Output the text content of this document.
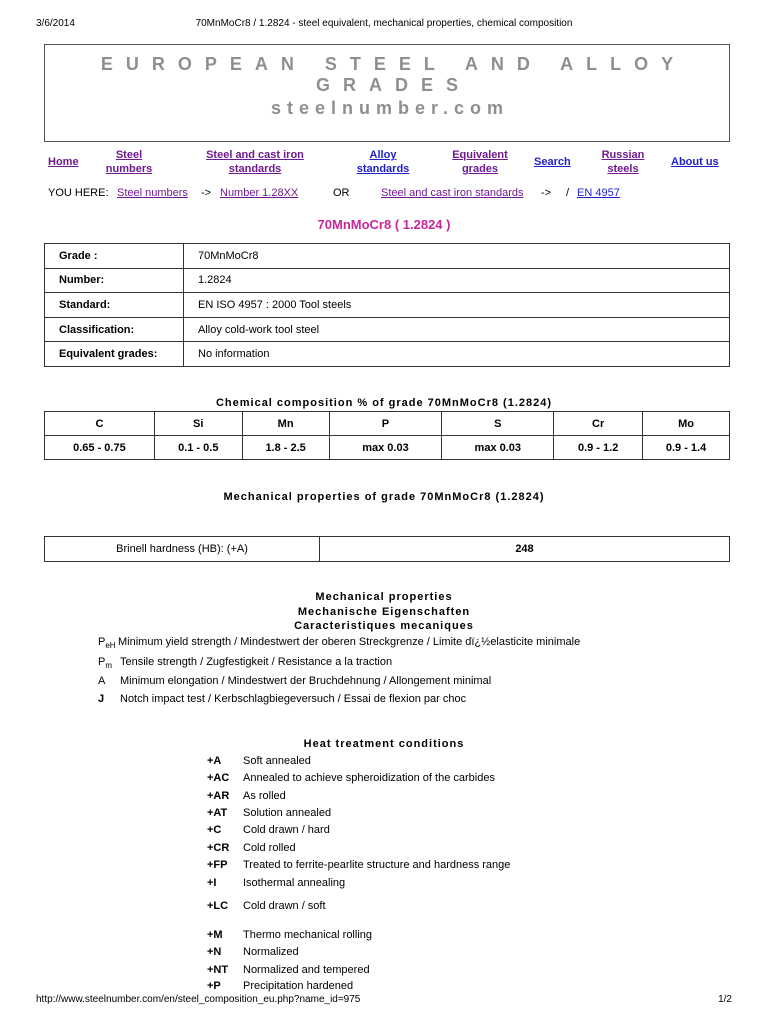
3/6/2014	70MnMoCr8 / 1.2824 - steel equivalent, mechanical properties, chemical composition
EUROPEAN STEEL AND ALLOY
GRADES
steelnumber.com
Home
Steel
numbers
Steel and cast iron
standards
Alloy
standards
Equivalent
grades
Search
Russian
steels
About us
YOU HERE: Steel numbers -> Number 1.28XX	OR	Steel and cast iron standards -> / EN 4957
70MnMoCr8 ( 1.2824 )
Grade :	70MnMoCr8
Number:	1.2824
Standard:	EN ISO 4957 : 2000 Tool steels
Classification:	Alloy cold-work tool steel
Equivalent grades:	No information
Chemical composition % of grade 70MnMoCr8 (1.2824)
C	Si	Mn	P	S	Cr	Mo
0.65 - 0.75	0.1 - 0.5	1.8 - 2.5	max 0.03	max 0.03	0.9 - 1.2	0.9 - 1.4
Mechanical properties of grade 70MnMoCr8 (1.2824)
Brinell hardness (HB): (+A)	248
Mechanical properties
Mechanische Eigenschaften
Caracteristiques mecaniques
$P_{eH}$ Minimum yield strength / Mindestwert der oberen Streckgrenze / Limite dï¿½elasticite minimale
$P_m$ Tensile strength / Zugfestigkeit / Resistance a la traction
A Minimum elongation / Mindestwert der Bruchdehnung / Allongement minimal
J Notch impact test / Kerbschlagbiegeversuch / Essai de flexion par choc
Heat treatment conditions
+A Soft annealed
+AC Annealed to achieve spheroidization of the carbides
+AR As rolled
+AT Solution annealed
+C Cold drawn / hard
+CR Cold rolled
+FP Treated to ferrite-pearlite structure and hardness range
+I Isothermal annealing
+LC Cold drawn / soft
+M Thermo mechanical rolling
+N Normalized
+NT Normalized and tempered
+P Precipitation hardened
http://www.steelnumber.com/en/steel_composition_eu.php?name_id=975	1/2
